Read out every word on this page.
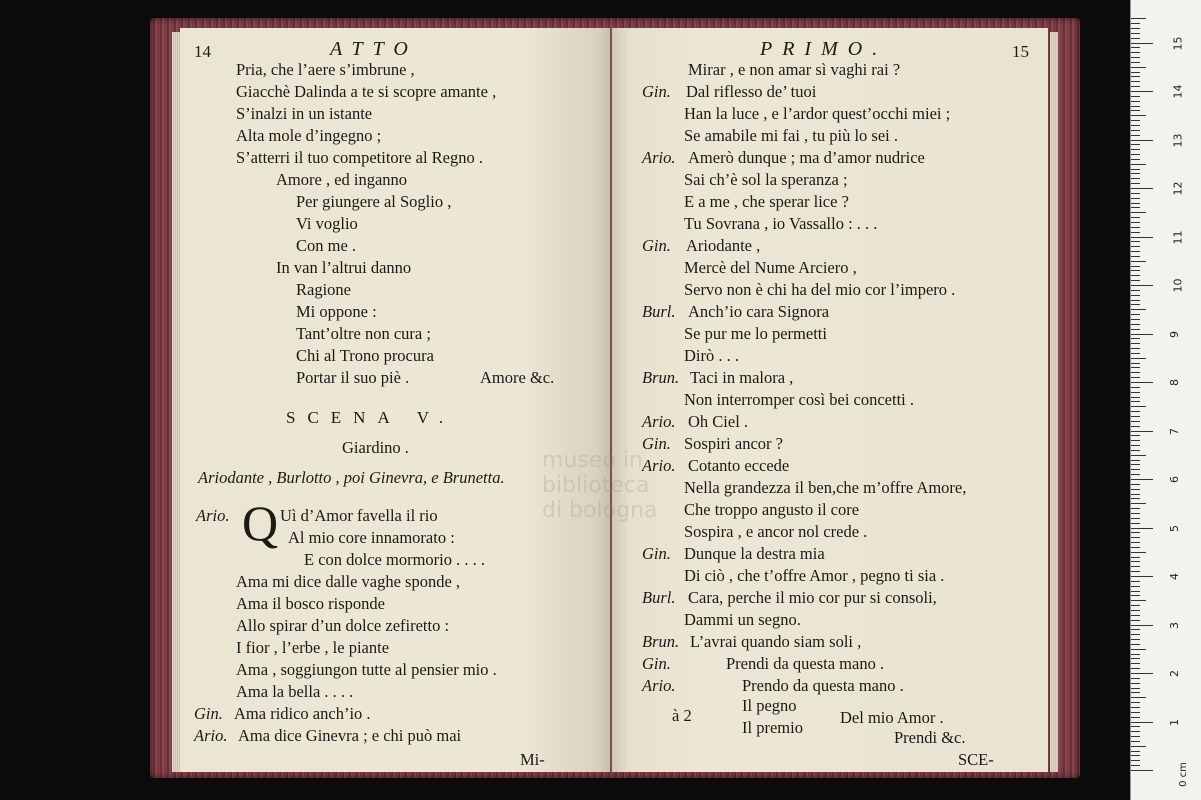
14	ATTO
Pria, che l’aere s’imbrune ,
Giacchè Dalinda a te si scopre amante ,
S’inalzi in un istante
Alta mole d’ingegno ;
S’atterri il tuo competitore al Regno .
Amore , ed inganno
Per giungere al Soglio ,
Vi voglio
Con me .
In van l’altrui danno
Ragione
Mi oppone :
Tant’oltre non cura ;
Chi al Trono procura
Portar il suo piè .	Amore &c.
SCENA V.
Giardino .
Ariodante , Burlotto , poi Ginevra, e Brunetta.
Ario. Q Uì d’Amor favella il rio
Al mio core innamorato :
E con dolce mormorio . . . .
Ama mi dice dalle vaghe sponde ,
Ama il bosco risponde
Allo spirar d’un dolce zefiretto :
I fior , l’erbe , le piante
Ama , soggiungon tutte al pensier mio .
Ama la bella . . . .
Gin. Ama ridico anch’io .
Ario. Ama dice Ginevra ; e chi può mai
Mi-
PRIMO.	15
Mirar , e non amar sì vaghi rai ?
Gin. Dal riflesso de’ tuoi
Han la luce , e l’ardor quest’occhi miei ;
Se amabile mi fai , tu più lo sei .
Ario. Amerò dunque ; ma d’amor nudrice
Sai ch’è sol la speranza ;
E a me , che sperar lice ?
Tu Sovrana , io Vassallo : . . .
Gin. Ariodante ,
Mercè del Nume Arciero ,
Servo non è chi ha del mio cor l’impero .
Burl. Anch’io cara Signora
Se pur me lo permetti
Dirò . . .
Brun. Taci in malora ,
Non interromper così bei concetti .
Ario. Oh Ciel .
Gin. Sospiri ancor ?
Ario. Cotanto eccede
Nella grandezza il ben,che m’offre Amore,
Che troppo angusto il core
Sospira , e ancor nol crede .
Gin. Dunque la destra mia
Di ciò , che t’offre Amor , pegno ti sia .
Burl. Cara, perche il mio cor pur si consoli,
Dammi un segno.
Brun. L’avrai quando siam soli ,
Gin.	Prendi da questa mano .
Ario.	Prendo da questa mano .
à 2
Il pegno
Il premio
Del mio Amor .
Prendi &c.
SCE-
museo in
biblioteca
di bologna
1
2
3
4
5
6
7
8
9
10
11
12
13
14
15
0 cm
